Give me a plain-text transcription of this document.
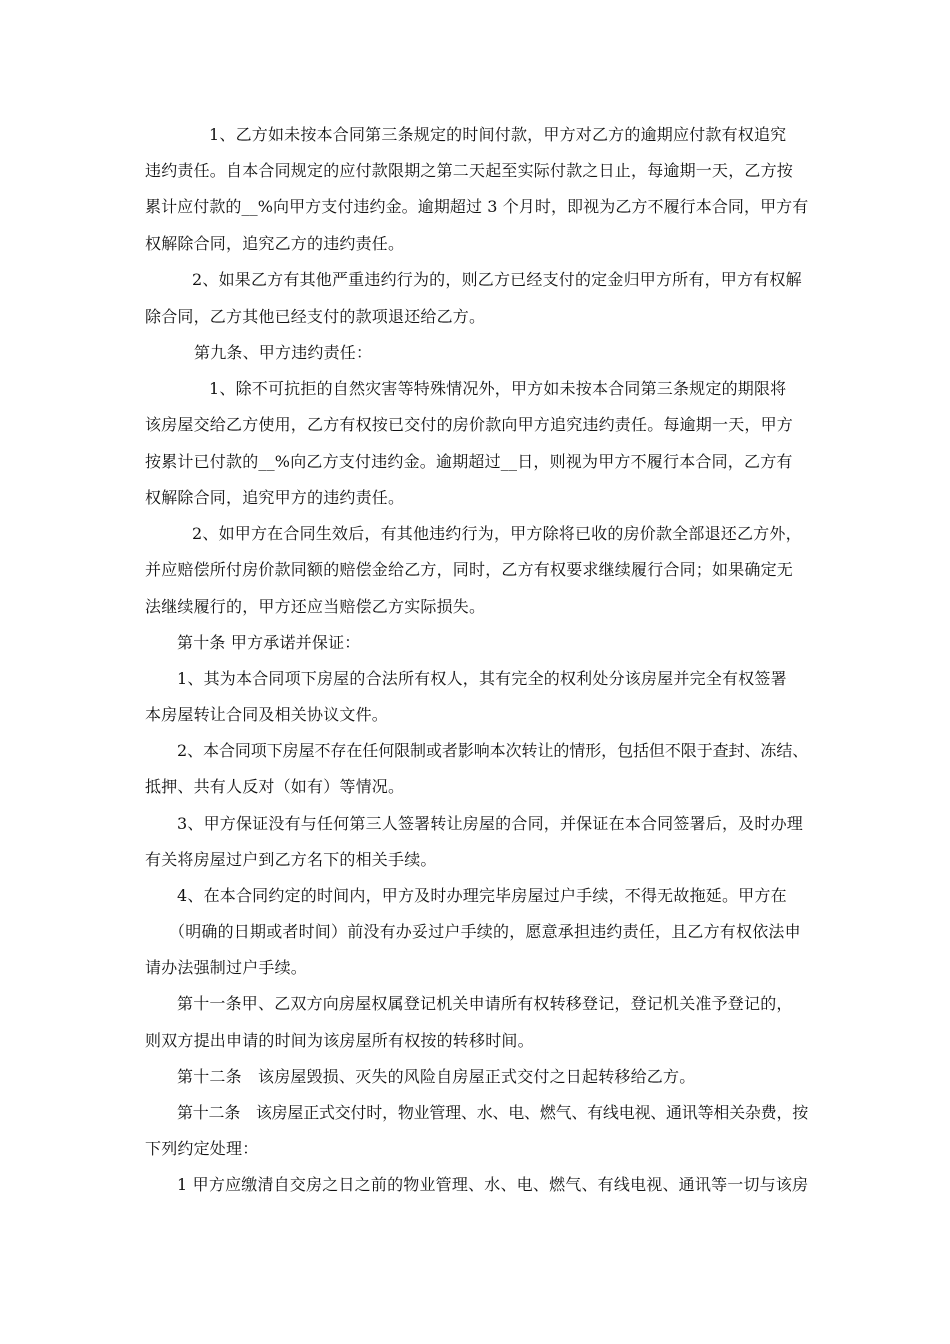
1、乙方如未按本合同第三条规定的时间付款，甲方对乙方的逾期应付款有权追究
违约责任。自本合同规定的应付款限期之第二天起至实际付款之日止，每逾期一天，乙方按
累计应付款的__%向甲方支付违约金。逾期超过 3 个月时，即视为乙方不履行本合同，甲方有
权解除合同，追究乙方的违约责任。
2、如果乙方有其他严重违约行为的，则乙方已经支付的定金归甲方所有，甲方有权解
除合同，乙方其他已经支付的款项退还给乙方。
第九条、甲方违约责任：
1、除不可抗拒的自然灾害等特殊情况外，甲方如未按本合同第三条规定的期限将
该房屋交给乙方使用，乙方有权按已交付的房价款向甲方追究违约责任。每逾期一天，甲方
按累计已付款的__%向乙方支付违约金。逾期超过__日，则视为甲方不履行本合同，乙方有
权解除合同，追究甲方的违约责任。
2、如甲方在合同生效后，有其他违约行为，甲方除将已收的房价款全部退还乙方外，
并应赔偿所付房价款同额的赔偿金给乙方，同时，乙方有权要求继续履行合同；如果确定无
法继续履行的，甲方还应当赔偿乙方实际损失。
第十条 甲方承诺并保证：
1、其为本合同项下房屋的合法所有权人，其有完全的权利处分该房屋并完全有权签署
本房屋转让合同及相关协议文件。
2、本合同项下房屋不存在任何限制或者影响本次转让的情形，包括但不限于查封、冻结、
抵押、共有人反对（如有）等情况。
3、甲方保证没有与任何第三人签署转让房屋的合同，并保证在本合同签署后，及时办理
有关将房屋过户到乙方名下的相关手续。
4、在本合同约定的时间内，甲方及时办理完毕房屋过户手续，不得无故拖延。甲方在
（明确的日期或者时间）前没有办妥过户手续的，愿意承担违约责任，且乙方有权依法申
请办法强制过户手续。
第十一条甲、乙双方向房屋权属登记机关申请所有权转移登记，登记机关准予登记的，
则双方提出申请的时间为该房屋所有权按的转移时间。
第十二条　该房屋毁损、灭失的风险自房屋正式交付之日起转移给乙方。
第十二条　该房屋正式交付时，物业管理、水、电、燃气、有线电视、通讯等相关杂费，按
下列约定处理：
1 甲方应缴清自交房之日之前的物业管理、水、电、燃气、有线电视、通讯等一切与该房
